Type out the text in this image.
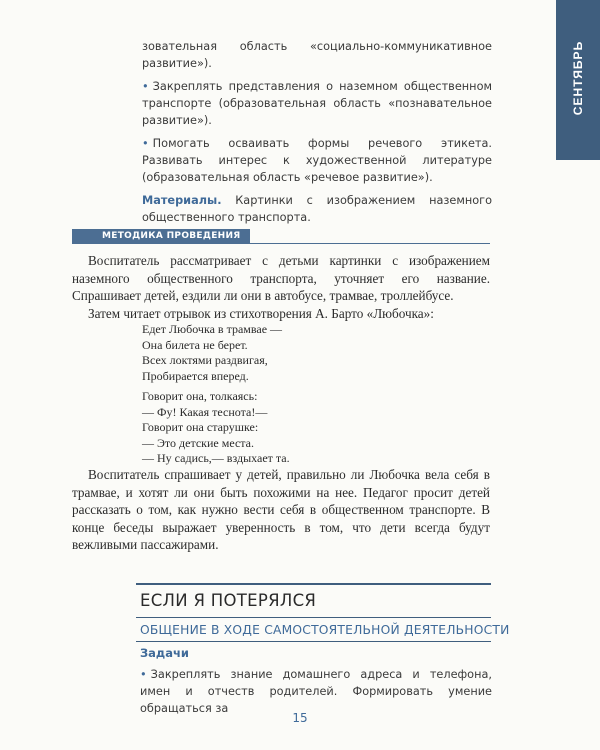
СЕНТЯБРЬ

зовательная область «социально-коммуникативное развитие»).

• Закреплять представления о наземном общественном транспорте (образовательная область «познавательное развитие»).

• Помогать осваивать формы речевого этикета. Развивать интерес к художественной литературе (образовательная область «речевое развитие»).

Материалы. Картинки с изображением наземного общественного транспорта.

МЕТОДИКА ПРОВЕДЕНИЯ

Воспитатель рассматривает с детьми картинки с изображением наземного общественного транспорта, уточняет его название. Спрашивает детей, ездили ли они в автобусе, трамвае, троллейбусе.

Затем читает отрывок из стихотворения А. Барто «Любочка»:

Едет Любочка в трамвае —
Она билета не берет.
Всех локтями раздвигая,
Пробирается вперед.
Говорит она, толкаясь:
— Фу! Какая теснота!—
Говорит она старушке:
— Это детские места.
— Ну садись,— вздыхает та.

Воспитатель спрашивает у детей, правильно ли Любочка вела себя в трамвае, и хотят ли они быть похожими на нее. Педагог просит детей рассказать о том, как нужно вести себя в общественном транспорте. В конце беседы выражает уверенность в том, что дети всегда будут вежливыми пассажирами.

ЕСЛИ Я ПОТЕРЯЛСЯ
ОБЩЕНИЕ В ХОДЕ САМОСТОЯТЕЛЬНОЙ ДЕЯТЕЛЬНОСТИ
Задачи

• Закреплять знание домашнего адреса и телефона, имен и отчеств родителей. Формировать умение обращаться за

15
